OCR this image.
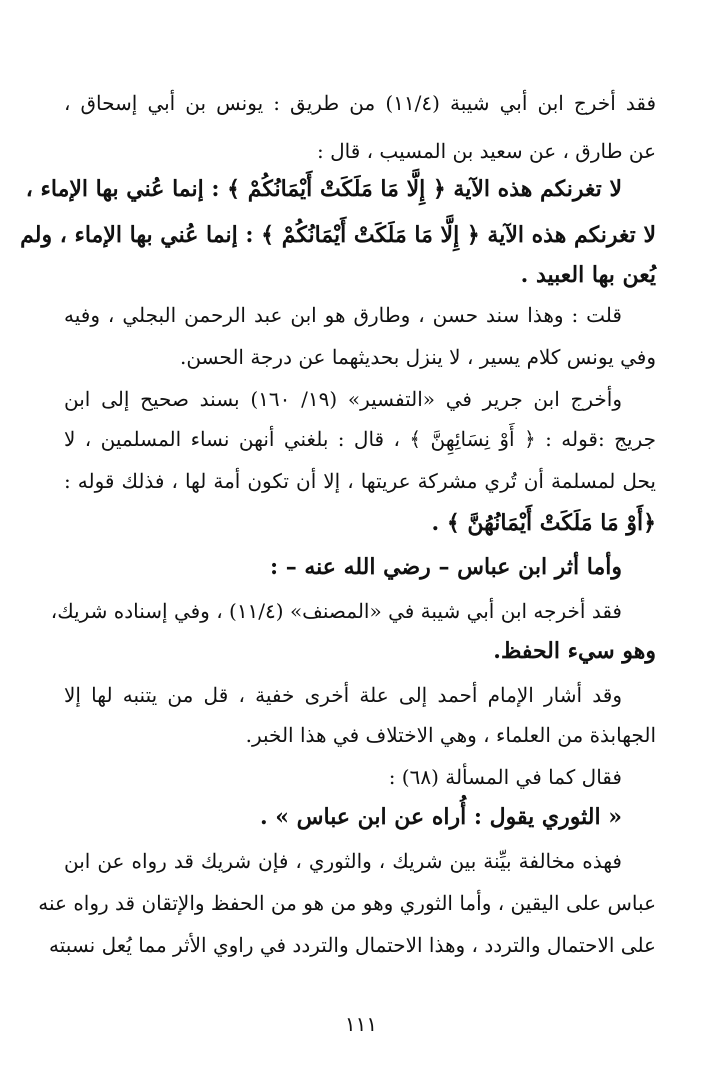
فقد أخرج ابن أبي شيبة (١١/٤) من طريق : يونس بن أبي إسحاق ،
عن طارق ، عن سعيد بن المسيب ، قال :
لا تغرنكم هذه الآية ﴿ إِلَّا مَا مَلَكَتْ أَيْمَانُكُمْ ﴾ : إنما عُني بها الإماء ،
لا تغرنكم هذه الآية ﴿ إِلَّا مَا مَلَكَتْ أَيْمَانُكُمْ ﴾ : إنما عُني بها الإماء ، ولم
يُعن بها العبيد .
قلت : وهذا سند حسن ، وطارق هو ابن عبد الرحمن البجلي ، وفيه
وفي يونس كلام يسير ، لا ينزل بحديثهما عن درجة الحسن.
وأخرج ابن جرير في «التفسير» (١٩/ ١٦٠) بسند صحيح إلى ابن
جريج :قوله : ﴿ أَوْ نِسَائِهِنَّ ﴾ ، قال : بلغني أنهن نساء المسلمين ، لا
يحل لمسلمة أن تُري مشركة عريتها ، إلا أن تكون أمة لها ، فذلك قوله :
﴿أَوْ مَا مَلَكَتْ أَيْمَانُهُنَّ ﴾ .
وأما أثر ابن عباس – رضي الله عنه – :
فقد أخرجه ابن أبي شيبة في «المصنف» (١١/٤) ، وفي إسناده شريك،
وهو سيء الحفظ.
وقد أشار الإمام أحمد إلى علة أخرى خفية ، قل من يتنبه لها إلا
الجهابذة من العلماء ، وهي الاختلاف في هذا الخبر.
فقال كما في المسألة (٦٨) :
« الثوري يقول : أُراه عن ابن عباس » .
فهذه مخالفة بيِّنة بين شريك ، والثوري ، فإن شريك قد رواه عن ابن
عباس على اليقين ، وأما الثوري وهو من هو من الحفظ والإتقان قد رواه عنه
على الاحتمال والتردد ، وهذا الاحتمال والتردد في راوي الأثر مما يُعل نسبته
١١١
